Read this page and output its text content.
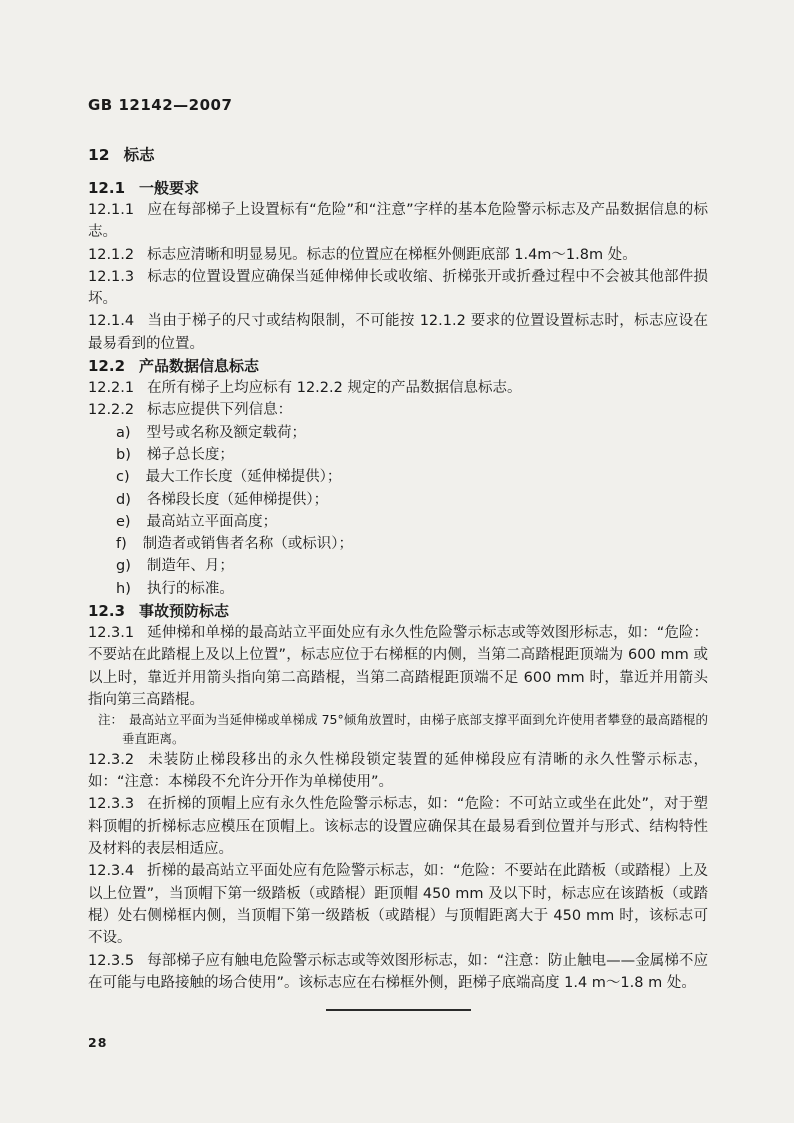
GB 12142—2007
12 标志
12.1 一般要求

12.1.1 应在每部梯子上设置标有“危险”和“注意”字样的基本危险警示标志及产品数据信息的标志。

12.1.2 标志应清晰和明显易见。标志的位置应在梯框外侧距底部 1.4m～1.8m 处。

12.1.3 标志的位置设置应确保当延伸梯伸长或收缩、折梯张开或折叠过程中不会被其他部件损坏。

12.1.4 当由于梯子的尺寸或结构限制，不可能按 12.1.2 要求的位置设置标志时，标志应设在最易看到的位置。

12.2 产品数据信息标志

12.2.1 在所有梯子上均应标有 12.2.2 规定的产品数据信息标志。

12.2.2 标志应提供下列信息：

a) 型号或名称及额定载荷；

b) 梯子总长度；

c) 最大工作长度（延伸梯提供）；

d) 各梯段长度（延伸梯提供）；

e) 最高站立平面高度；

f) 制造者或销售者名称（或标识）；

g) 制造年、月；

h) 执行的标准。

12.3 事故预防标志

12.3.1 延伸梯和单梯的最高站立平面处应有永久性危险警示标志或等效图形标志，如：“危险：不要站在此踏棍上及以上位置”，标志应位于右梯框的内侧，当第二高踏棍距顶端为 600 mm 或以上时，靠近并用箭头指向第二高踏棍，当第二高踏棍距顶端不足 600 mm 时，靠近并用箭头指向第三高踏棍。

注： 最高站立平面为当延伸梯或单梯成 75°倾角放置时，由梯子底部支撑平面到允许使用者攀登的最高踏棍的垂直距离。

12.3.2 未装防止梯段移出的永久性梯段锁定装置的延伸梯段应有清晰的永久性警示标志，如：“注意：本梯段不允许分开作为单梯使用”。

12.3.3 在折梯的顶帽上应有永久性危险警示标志，如：“危险：不可站立或坐在此处”，对于塑料顶帽的折梯标志应模压在顶帽上。该标志的设置应确保其在最易看到位置并与形式、结构特性及材料的表层相适应。

12.3.4 折梯的最高站立平面处应有危险警示标志，如：“危险：不要站在此踏板（或踏棍）上及以上位置”，当顶帽下第一级踏板（或踏棍）距顶帽 450 mm 及以下时，标志应在该踏板（或踏棍）处右侧梯框内侧，当顶帽下第一级踏板（或踏棍）与顶帽距离大于 450 mm 时，该标志可不设。

12.3.5 每部梯子应有触电危险警示标志或等效图形标志，如：“注意：防止触电——金属梯不应在可能与电路接触的场合使用”。该标志应在右梯框外侧，距梯子底端高度 1.4 m～1.8 m 处。

28
